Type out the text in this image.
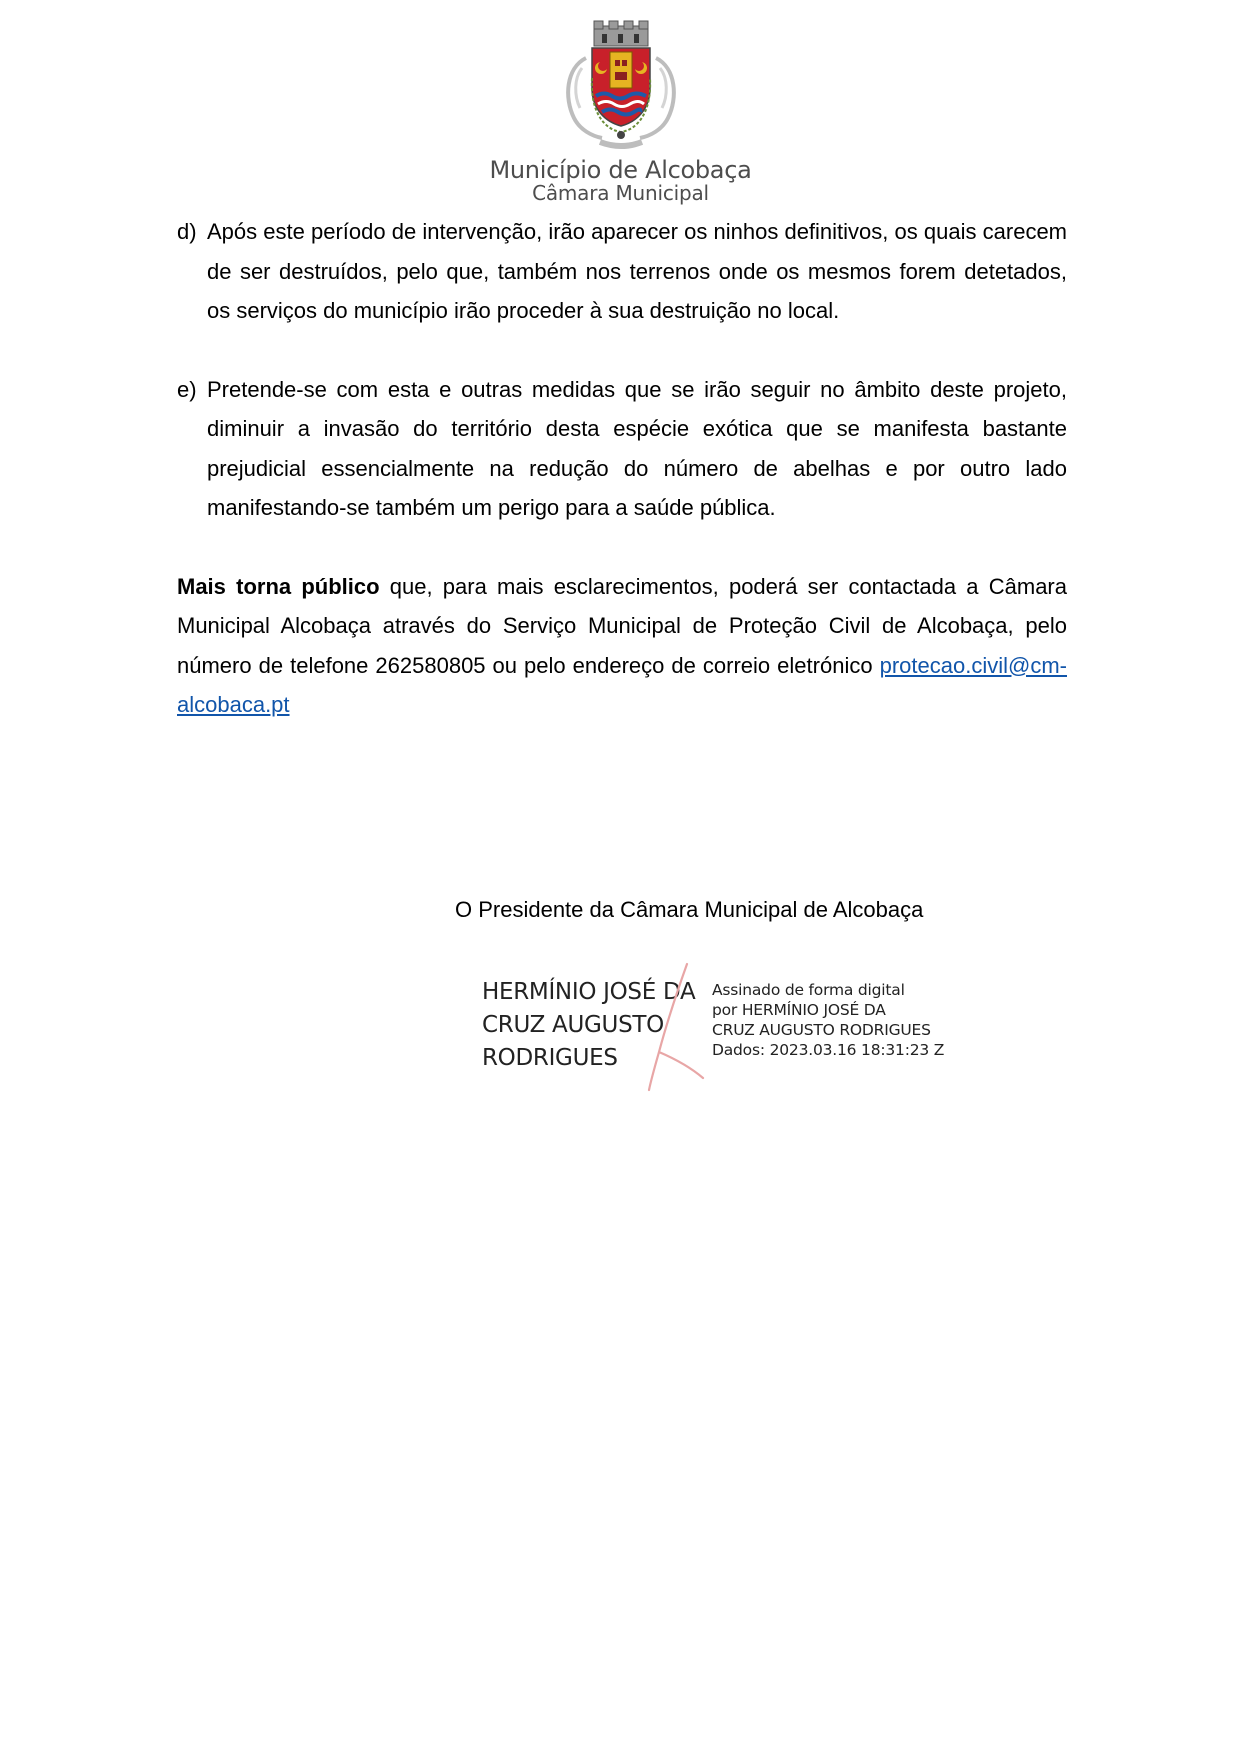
Município de Alcobaça
Câmara Municipal
d) Após este período de intervenção, irão aparecer os ninhos definitivos, os quais carecem de ser destruídos, pelo que, também nos terrenos onde os mesmos forem detetados, os serviços do município irão proceder à sua destruição no local.
e) Pretende-se com esta e outras medidas que se irão seguir no âmbito deste projeto, diminuir a invasão do território desta espécie exótica que se manifesta bastante prejudicial essencialmente na redução do número de abelhas e por outro lado manifestando-se também um perigo para a saúde pública.
Mais torna público que, para mais esclarecimentos, poderá ser contactada a Câmara Municipal Alcobaça através do Serviço Municipal de Proteção Civil de Alcobaça, pelo número de telefone 262580805 ou pelo endereço de correio eletrónico protecao.civil@cm-alcobaca.pt
O Presidente da Câmara Municipal de Alcobaça
HERMÍNIO JOSÉ DA
CRUZ AUGUSTO
RODRIGUES
Assinado de forma digital
por HERMÍNIO JOSÉ DA
CRUZ AUGUSTO RODRIGUES
Dados: 2023.03.16 18:31:23 Z
